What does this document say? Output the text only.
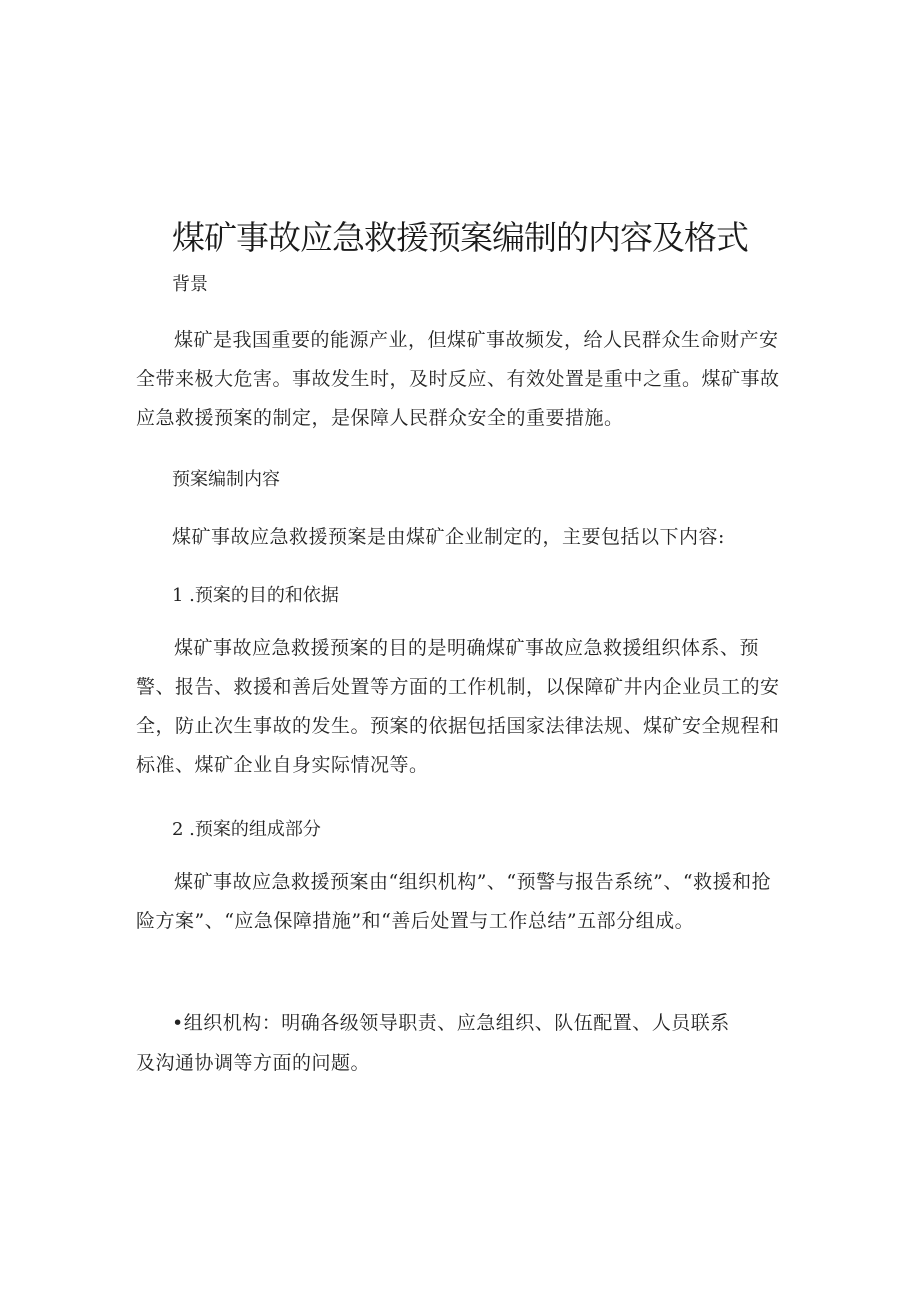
煤矿事故应急救援预案编制的内容及格式
背景

煤矿是我国重要的能源产业，但煤矿事故频发，给人民群众生命财产安全带来极大危害。事故发生时，及时反应、有效处置是重中之重。煤矿事故应急救援预案的制定，是保障人民群众安全的重要措施。

预案编制内容
煤矿事故应急救援预案是由煤矿企业制定的，主要包括以下内容:
1 .预案的目的和依据

煤矿事故应急救援预案的目的是明确煤矿事故应急救援组织体系、预警、报告、救援和善后处置等方面的工作机制，以保障矿井内企业员工的安全，防止次生事故的发生。预案的依据包括国家法律法规、煤矿安全规程和标准、煤矿企业自身实际情况等。

2 .预案的组成部分

煤矿事故应急救援预案由“组织机构”、“预警与报告系统”、“救援和抢险方案”、“应急保障措施”和“善后处置与工作总结”五部分组成。

•组织机构：明确各级领导职责、应急组织、队伍配置、人员联系
及沟通协调等方面的问题。
